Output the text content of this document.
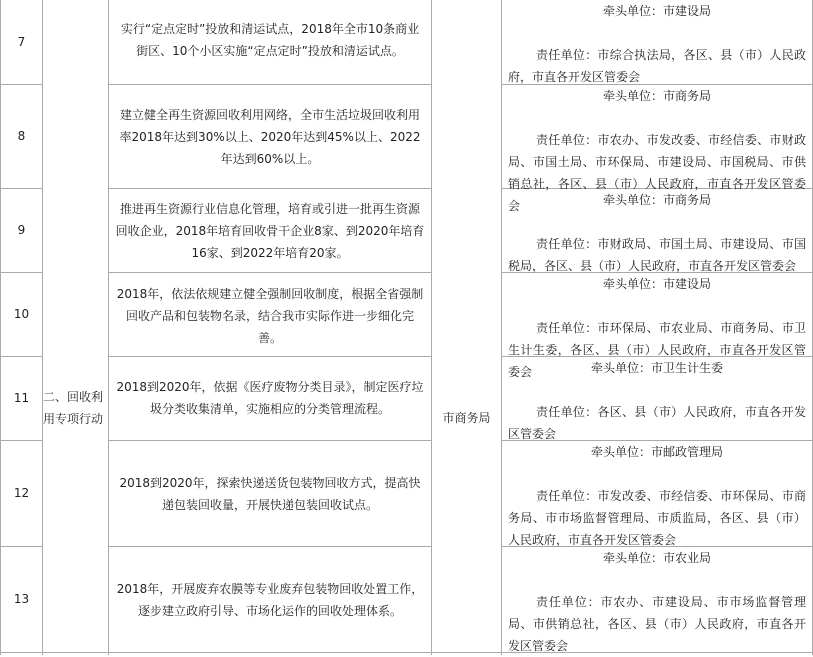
二、回收利用专项行动	市商务局
7
实行“定点定时”投放和清运试点，2018年全市10条商业街区、10个小区实施“定点定时”投放和清运试点。
牵头单位：市建设局
责任单位：市综合执法局，各区、县（市）人民政府，市直各开发区管委会
8
建立健全再生资源回收利用网络，全市生活垃圾回收利用率2018年达到30%以上、2020年达到45%以上、2022年达到60%以上。
牵头单位：市商务局
责任单位：市农办、市发改委、市经信委、市财政局、市国土局、市环保局、市建设局、市国税局、市供销总社，各区、县（市）人民政府，市直各开发区管委会
9
推进再生资源行业信息化管理，培育或引进一批再生资源回收企业，2018年培育回收骨干企业8家、到2020年培育16家、到2022年培育20家。
牵头单位：市商务局
责任单位：市财政局、市国土局、市建设局、市国税局，各区、县（市）人民政府，市直各开发区管委会
10
2018年，依法依规建立健全强制回收制度，根据全省强制回收产品和包装物名录，结合我市实际作进一步细化完善。
牵头单位：市建设局
责任单位：市环保局、市农业局、市商务局、市卫生计生委，各区、县（市）人民政府，市直各开发区管委会
11
2018到2020年，依据《医疗废物分类目录》，制定医疗垃圾分类收集清单，实施相应的分类管理流程。
牵头单位：市卫生计生委
责任单位：各区、县（市）人民政府，市直各开发区管委会
12
2018到2020年，探索快递送货包装物回收方式，提高快递包装回收量，开展快递包装回收试点。
牵头单位：市邮政管理局
责任单位：市发改委、市经信委、市环保局、市商务局、市市场监督管理局、市质监局，各区、县（市）人民政府，市直各开发区管委会
13
2018年，开展废弃农膜等专业废弃包装物回收处置工作，逐步建立政府引导、市场化运作的回收处理体系。
牵头单位：市农业局
责任单位：市农办、市建设局、市市场监督管理局、市供销总社，各区、县（市）人民政府，市直各开发区管委会
